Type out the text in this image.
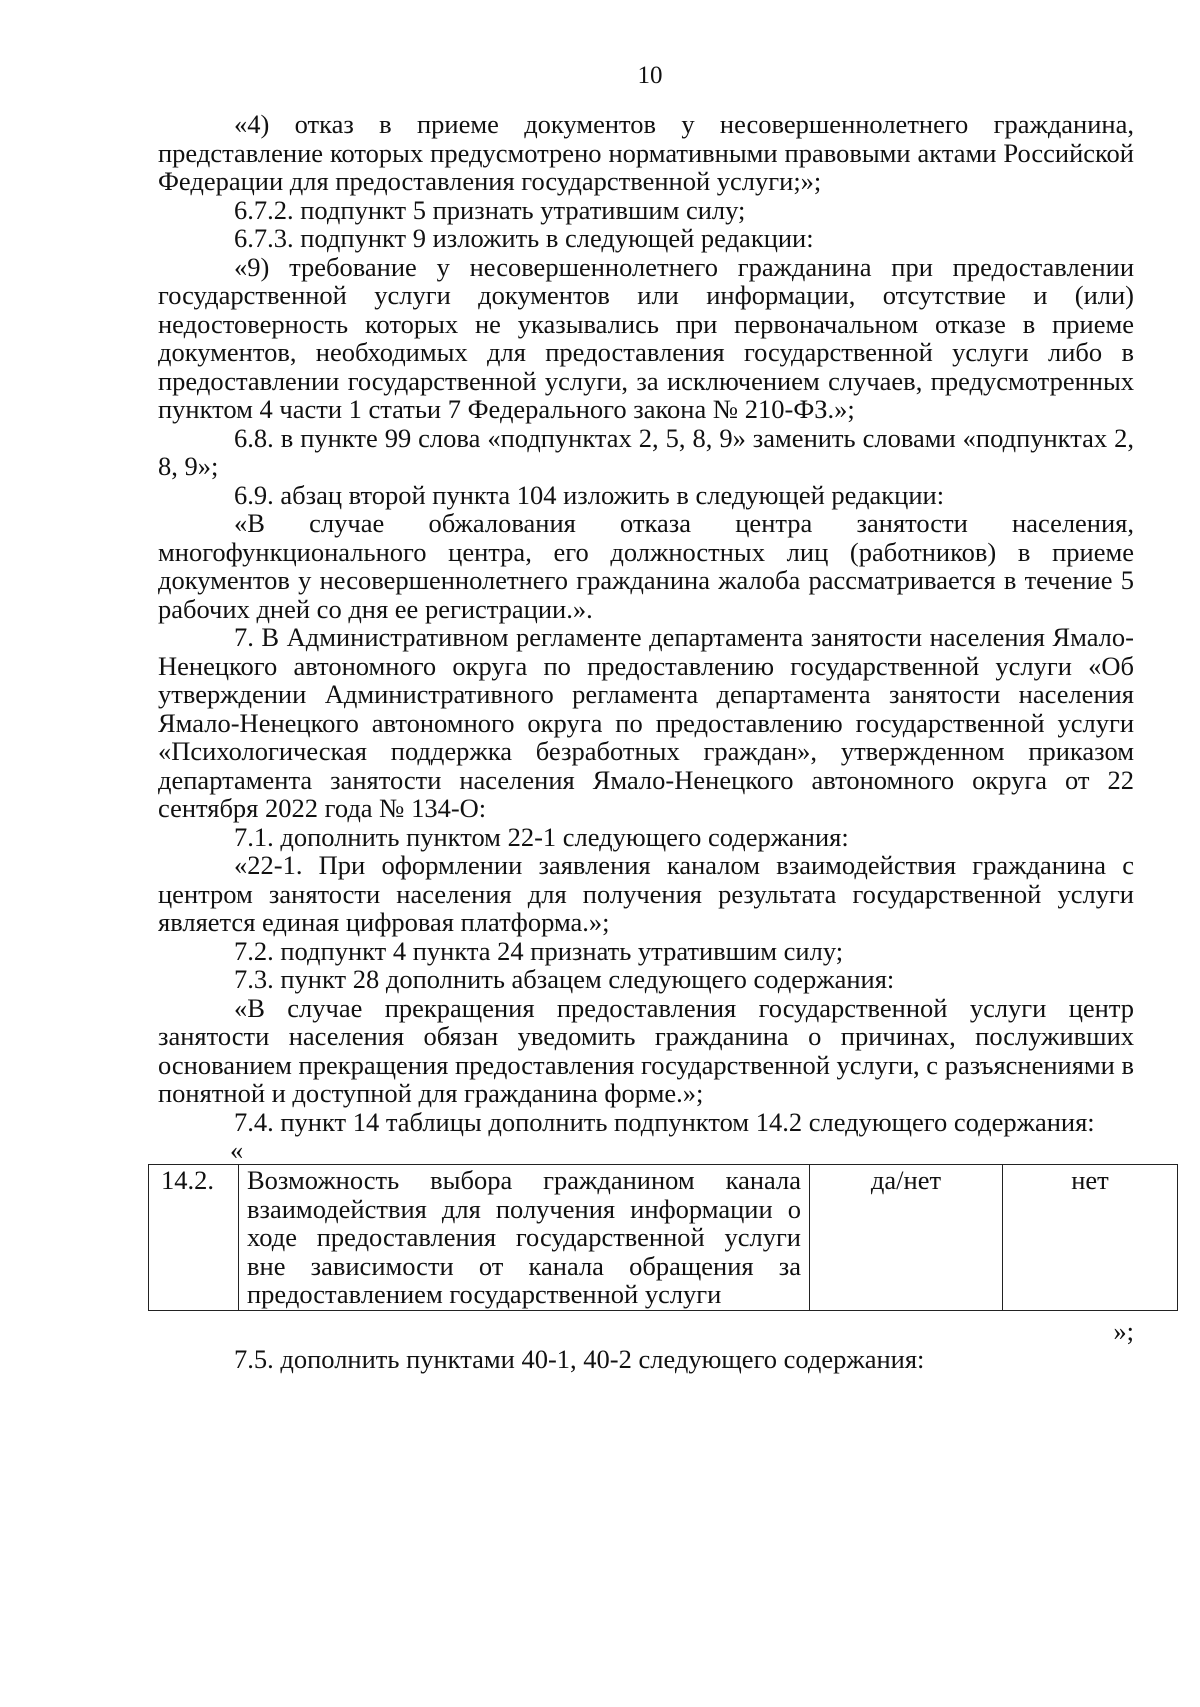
10

«4) отказ в приеме документов у несовершеннолетнего гражданина, представление которых предусмотрено нормативными правовыми актами Российской Федерации для предоставления государственной услуги;»;

6.7.2. подпункт 5 признать утратившим силу;

6.7.3. подпункт 9 изложить в следующей редакции:

«9) требование у несовершеннолетнего гражданина при предоставлении государственной услуги документов или информации, отсутствие и (или) недостоверность которых не указывались при первоначальном отказе в приеме документов, необходимых для предоставления государственной услуги либо в предоставлении государственной услуги, за исключением случаев, предусмотренных пунктом 4 части 1 статьи 7 Федерального закона № 210-ФЗ.»;

6.8. в пункте 99 слова «подпунктах 2, 5, 8, 9» заменить словами «подпунктах 2, 8, 9»;

6.9. абзац второй пункта 104 изложить в следующей редакции:

«В случае обжалования отказа центра занятости населения, многофункционального центра, его должностных лиц (работников) в приеме документов у несовершеннолетнего гражданина жалоба рассматривается в течение 5 рабочих дней со дня ее регистрации.».

7. В Административном регламенте департамента занятости населения Ямало-Ненецкого автономного округа по предоставлению государственной услуги «Об утверждении Административного регламента департамента занятости населения Ямало-Ненецкого автономного округа по предоставлению государственной услуги «Психологическая поддержка безработных граждан», утвержденном приказом департамента занятости населения Ямало-Ненецкого автономного округа от 22 сентября 2022 года № 134-О:

7.1. дополнить пунктом 22-1 следующего содержания:

«22-1. При оформлении заявления каналом взаимодействия гражданина с центром занятости населения для получения результата государственной услуги является единая цифровая платформа.»;

7.2. подпункт 4 пункта 24 признать утратившим силу;

7.3. пункт 28 дополнить абзацем следующего содержания:

«В случае прекращения предоставления государственной услуги центр занятости населения обязан уведомить гражданина о причинах, послуживших основанием прекращения предоставления государственной услуги, с разъяснениями в понятной и доступной для гражданина форме.»;

7.4. пункт 14 таблицы дополнить подпунктом 14.2 следующего содержания:

«

14.2.	Возможность выбора гражданином канала взаимодействия для получения информации о ходе предоставления государственной услуги вне зависимости от канала обращения за предоставлением государственной услуги	да/нет	нет

»;

7.5. дополнить пунктами 40-1, 40-2 следующего содержания:
